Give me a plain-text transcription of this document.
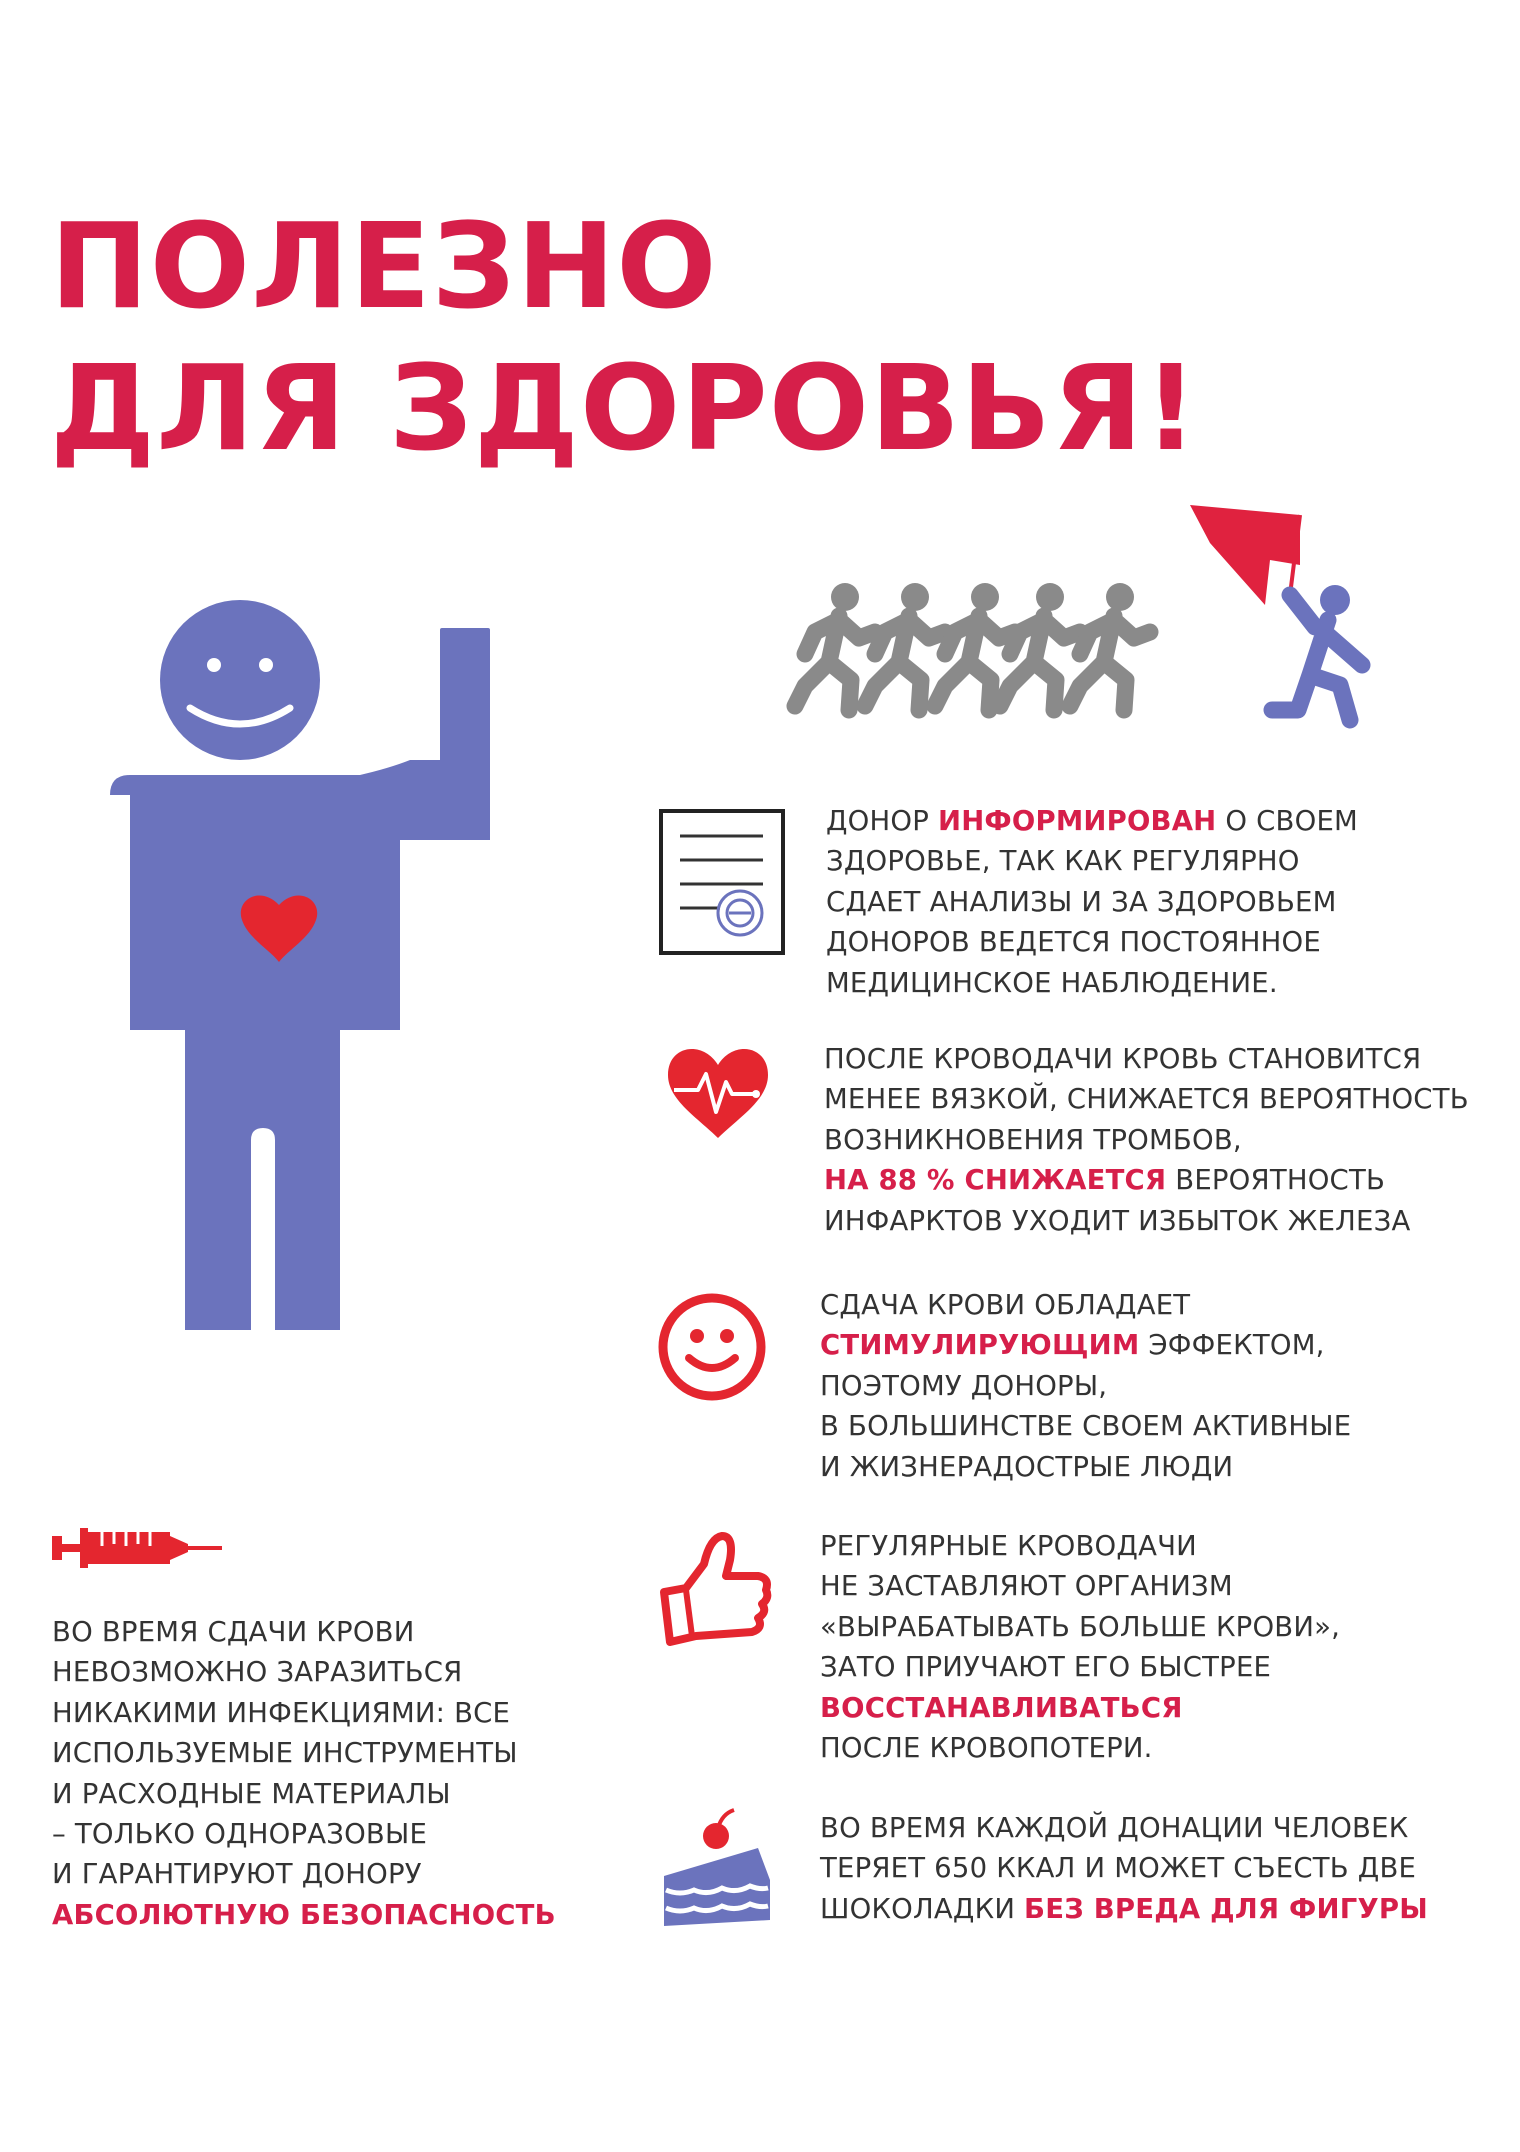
ПОЛЕЗНО
ДЛЯ ЗДОРОВЬЯ!
ДОНОР ИНФОРМИРОВАН О СВОЕМ
ЗДОРОВЬЕ, ТАК КАК РЕГУЛЯРНО
СДАЕТ АНАЛИЗЫ И ЗА ЗДОРОВЬЕМ
ДОНОРОВ ВЕДЕТСЯ ПОСТОЯННОЕ
МЕДИЦИНСКОЕ НАБЛЮДЕНИЕ.
ПОСЛЕ КРОВОДАЧИ КРОВЬ СТАНОВИТСЯ
МЕНЕЕ ВЯЗКОЙ, СНИЖАЕТСЯ ВЕРОЯТНОСТЬ
ВОЗНИКНОВЕНИЯ ТРОМБОВ,
НА 88 % СНИЖАЕТСЯ ВЕРОЯТНОСТЬ
ИНФАРКТОВ УХОДИТ ИЗБЫТОК ЖЕЛЕЗА
СДАЧА КРОВИ ОБЛАДАЕТ
СТИМУЛИРУЮЩИМ ЭФФЕКТОМ,
ПОЭТОМУ ДОНОРЫ,
В БОЛЬШИНСТВЕ СВОЕМ АКТИВНЫЕ
И ЖИЗНЕРАДОСТРЫЕ ЛЮДИ
РЕГУЛЯРНЫЕ КРОВОДАЧИ
НЕ ЗАСТАВЛЯЮТ ОРГАНИЗМ
«ВЫРАБАТЫВАТЬ БОЛЬШЕ КРОВИ»,
ЗАТО ПРИУЧАЮТ ЕГО БЫСТРЕЕ
ВОССТАНАВЛИВАТЬСЯ
ПОСЛЕ КРОВОПОТЕРИ.
ВО ВРЕМЯ КАЖДОЙ ДОНАЦИИ ЧЕЛОВЕК
ТЕРЯЕТ 650 ККАЛ И МОЖЕТ СЪЕСТЬ ДВЕ
ШОКОЛАДКИ БЕЗ ВРЕДА ДЛЯ ФИГУРЫ
ВО ВРЕМЯ СДАЧИ КРОВИ
НЕВОЗМОЖНО ЗАРАЗИТЬСЯ
НИКАКИМИ ИНФЕКЦИЯМИ: ВСЕ
ИСПОЛЬЗУЕМЫЕ ИНСТРУМЕНТЫ
И РАСХОДНЫЕ МАТЕРИАЛЫ
– ТОЛЬКО ОДНОРАЗОВЫЕ
И ГАРАНТИРУЮТ ДОНОРУ
АБСОЛЮТНУЮ БЕЗОПАСНОСТЬ
